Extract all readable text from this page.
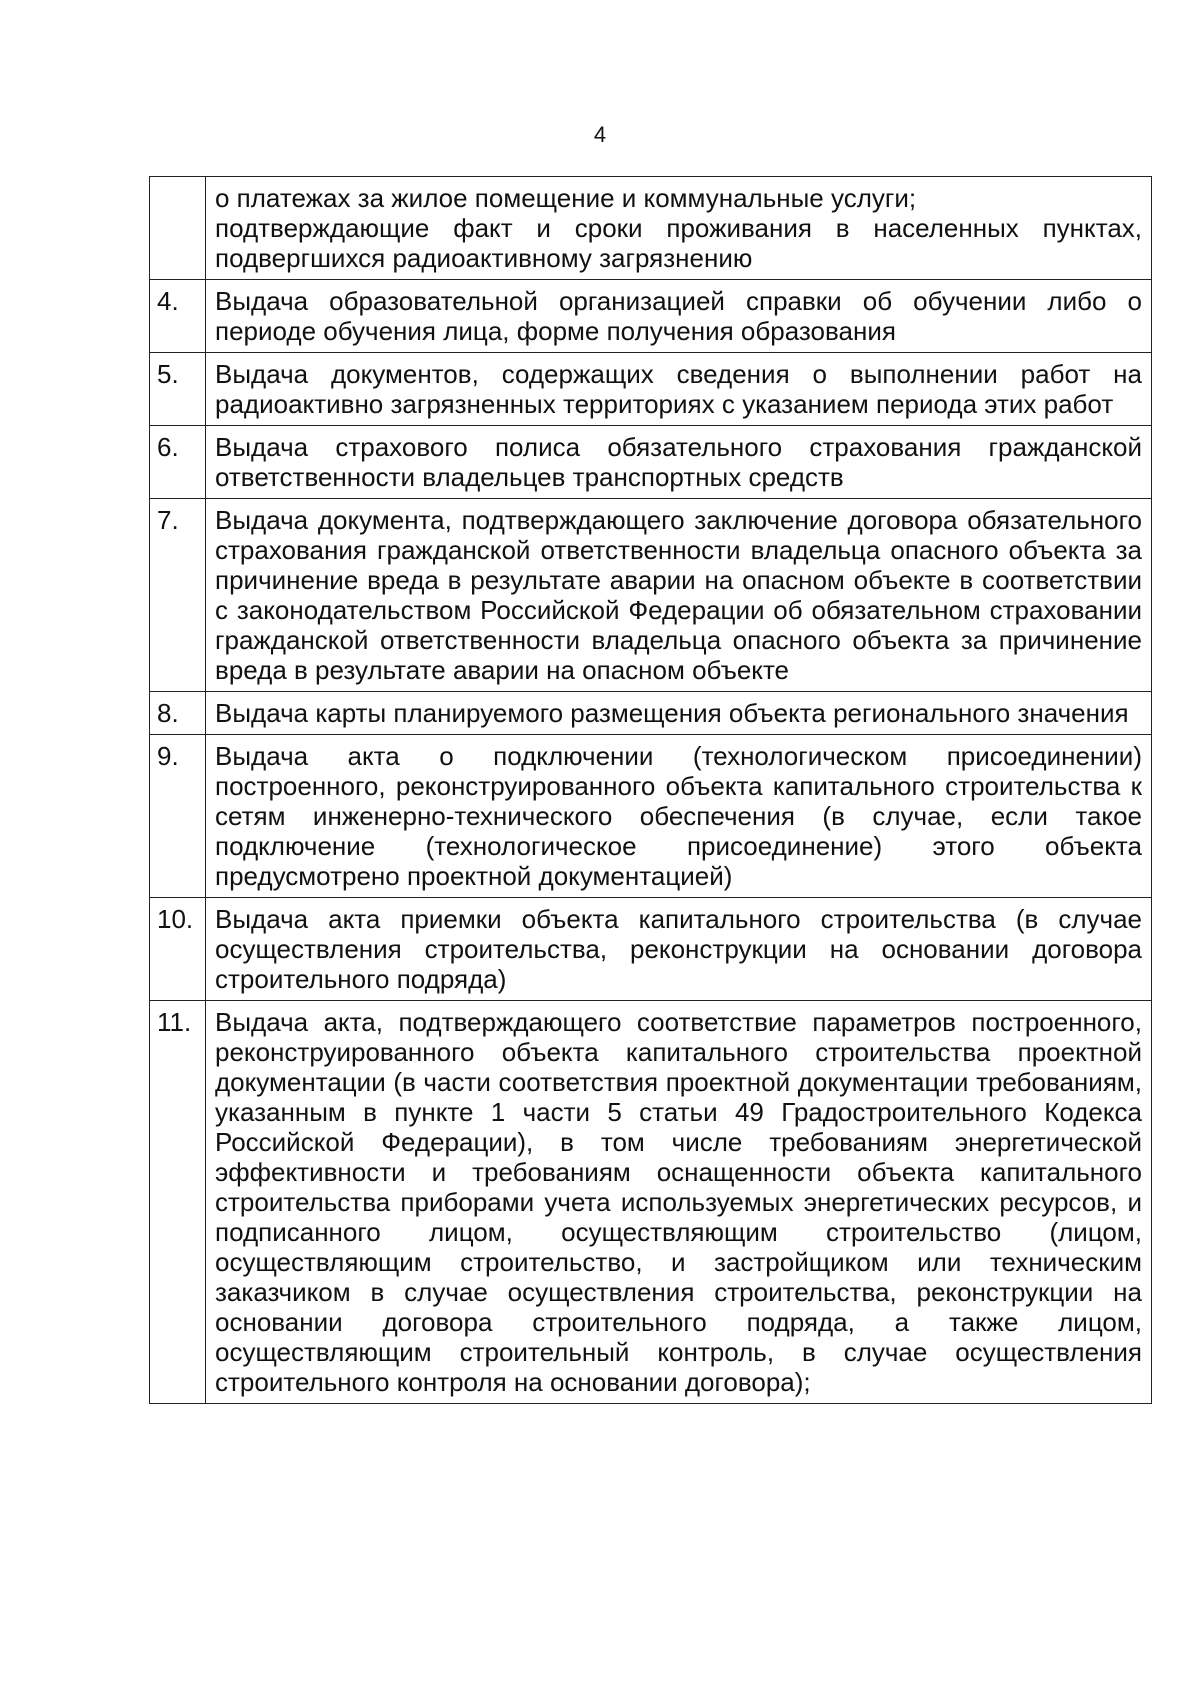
4

	о платежах за жилое помещение и коммунальные услуги;
подтверждающие факт и сроки проживания в населенных пунктах, подвергшихся радиоактивному загрязнению

4.	Выдача образовательной организацией справки об обучении либо о периоде обучения лица, форме получения образования

5.	Выдача документов, содержащих сведения о выполнении работ на радиоактивно загрязненных территориях с указанием периода этих работ

6.	Выдача страхового полиса обязательного страхования гражданской ответственности владельцев транспортных средств

7.	Выдача документа, подтверждающего заключение договора обязательного страхования гражданской ответственности владельца опасного объекта за причинение вреда в результате аварии на опасном объекте в соответствии с законодательством Российской Федерации об обязательном страховании гражданской ответственности владельца опасного объекта за причинение вреда в результате аварии на опасном объекте

8.	Выдача карты планируемого размещения объекта регионального значения

9.	Выдача акта о подключении (технологическом присоединении) построенного, реконструированного объекта капитального строительства к сетям инженерно-технического обеспечения (в случае, если такое подключение (технологическое присоединение) этого объекта предусмотрено проектной документацией)

10.	Выдача акта приемки объекта капитального строительства (в случае осуществления строительства, реконструкции на основании договора строительного подряда)

11.	Выдача акта, подтверждающего соответствие параметров построенного, реконструированного объекта капитального строительства проектной документации (в части соответствия проектной документации требованиям, указанным в пункте 1 части 5 статьи 49 Градостроительного Кодекса Российской Федерации), в том числе требованиям энергетической эффективности и требованиям оснащенности объекта капитального строительства приборами учета используемых энергетических ресурсов, и подписанного лицом, осуществляющим строительство (лицом, осуществляющим строительство, и застройщиком или техническим заказчиком в случае осуществления строительства, реконструкции на основании договора строительного подряда, а также лицом, осуществляющим строительный контроль, в случае осуществления строительного контроля на основании договора);
